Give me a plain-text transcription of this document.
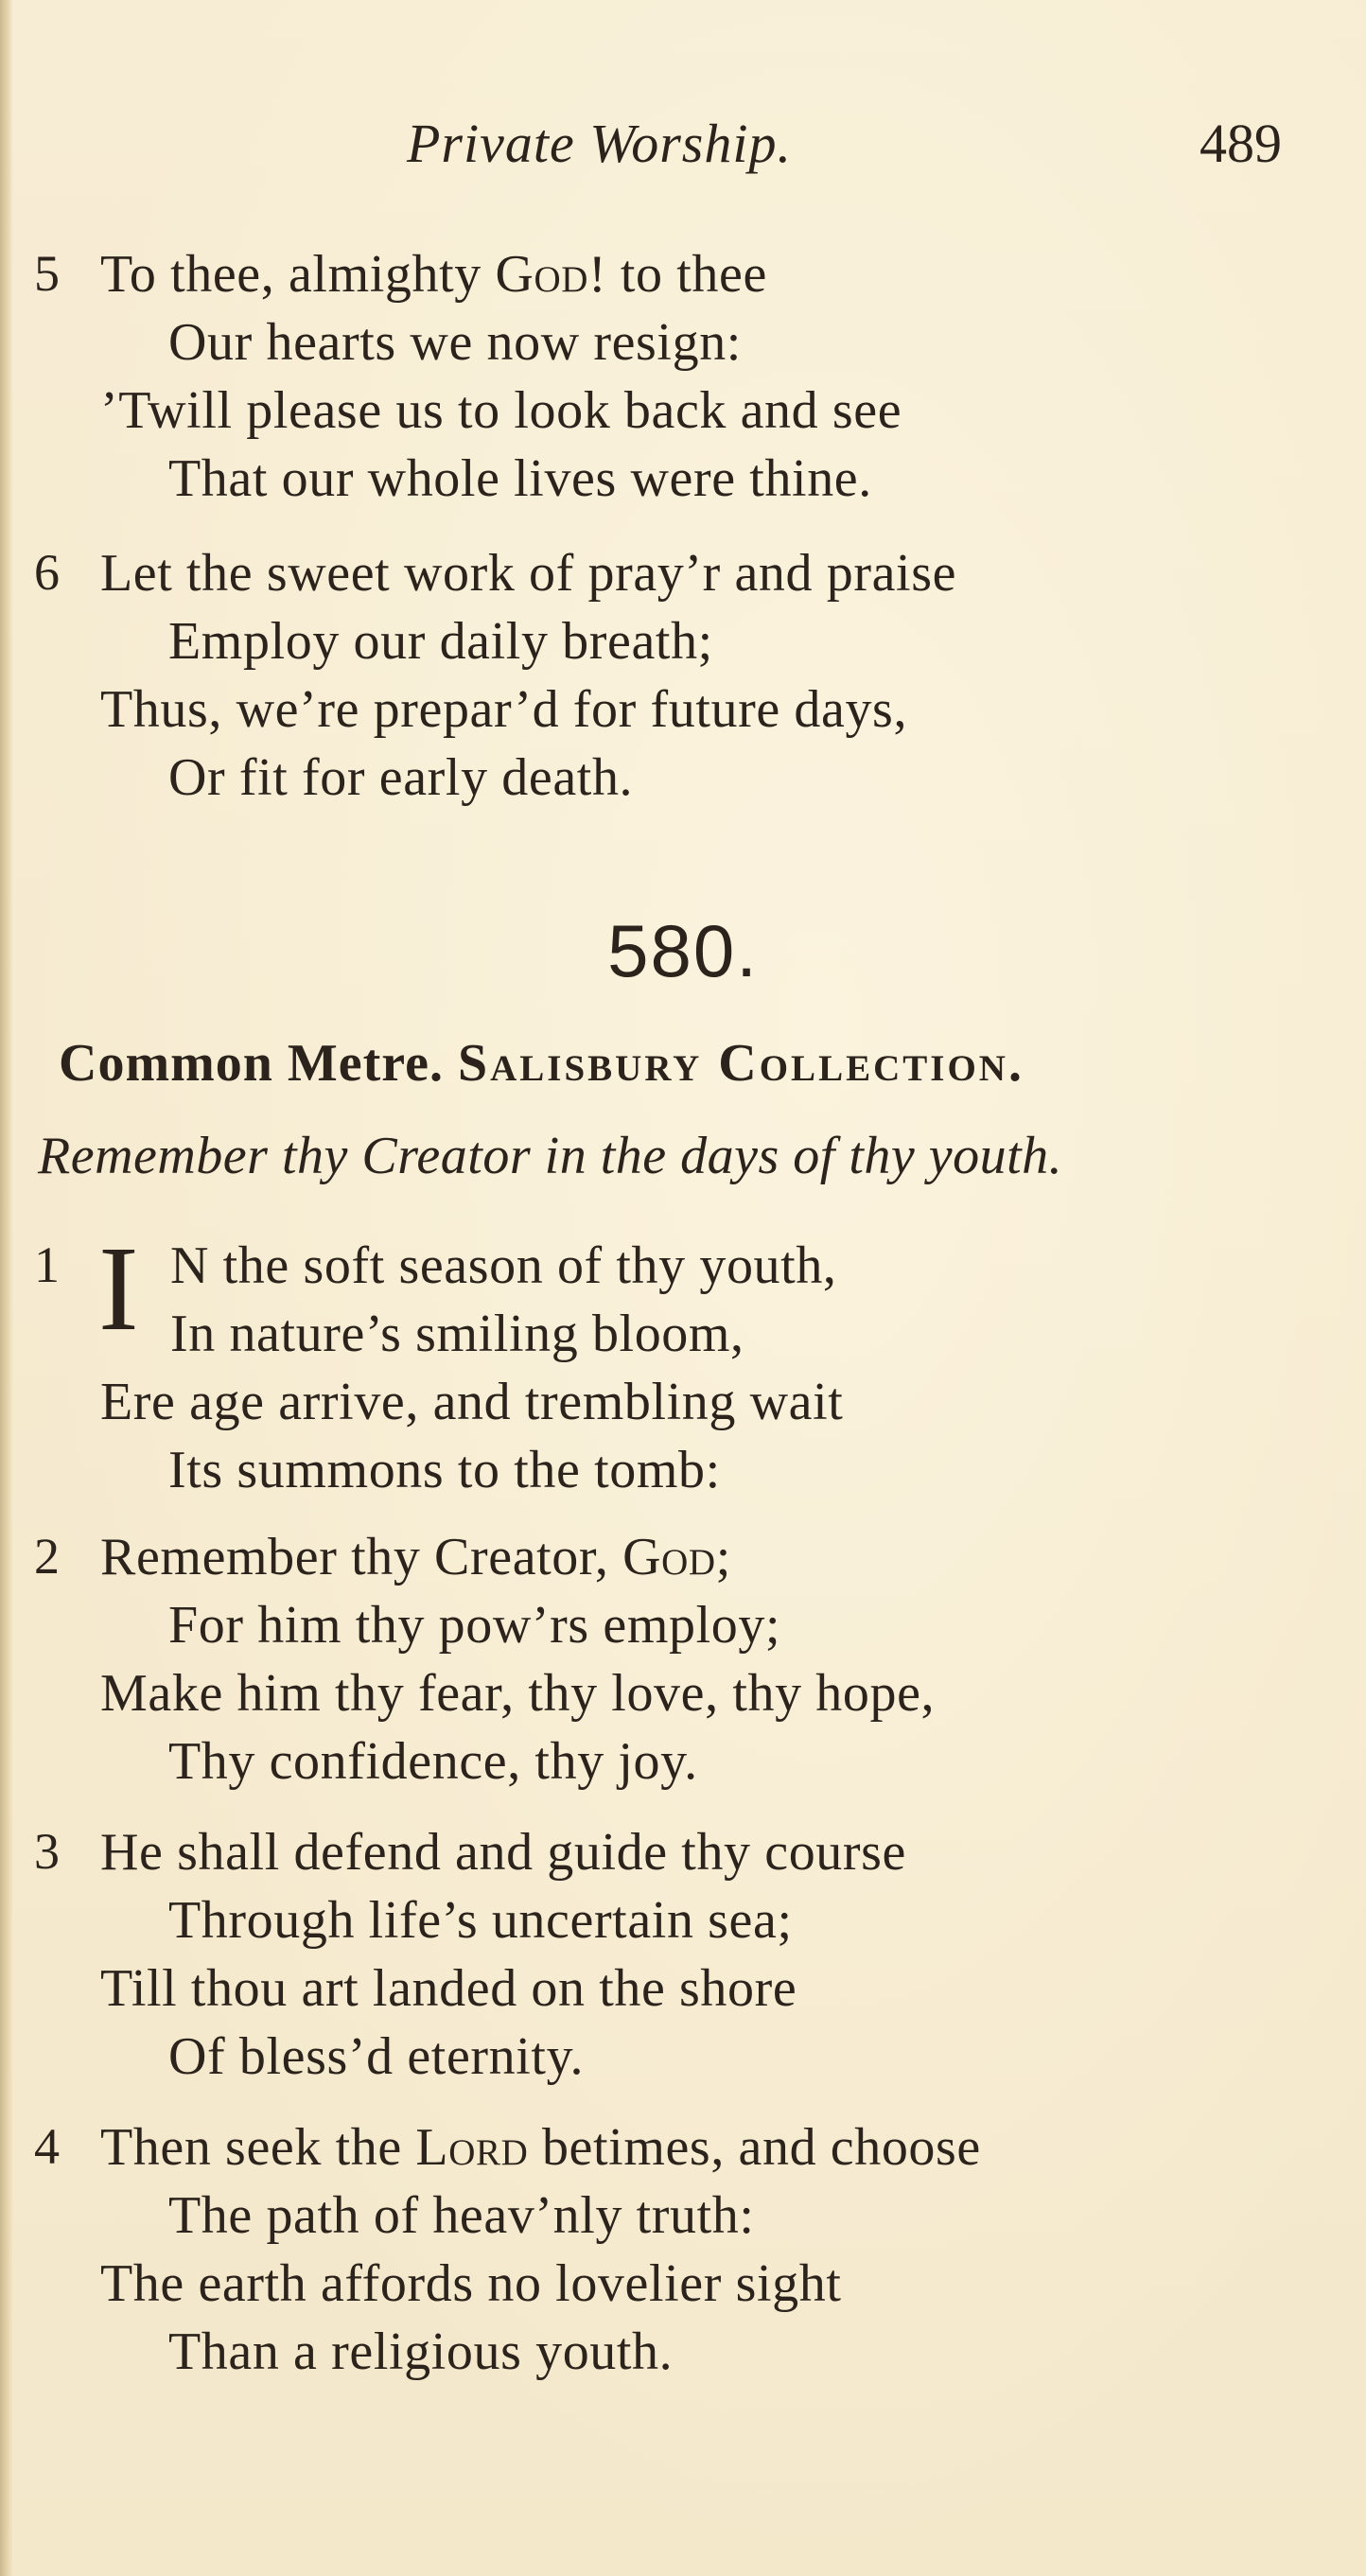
Private Worship.	489
5 To thee, almighty God! to thee
Our hearts we now resign:
’Twill please us to look back and see
That our whole lives were thine.
6 Let the sweet work of pray’r and praise
Employ our daily breath;
Thus, we’re prepar’d for future days,
Or fit for early death.
580.
Common Metre. Salisbury Collection.
Remember thy Creator in the days of thy youth.
1 I N the soft season of thy youth,
In nature’s smiling bloom,
Ere age arrive, and trembling wait
Its summons to the tomb:
2 Remember thy Creator, God;
For him thy pow’rs employ;
Make him thy fear, thy love, thy hope,
Thy confidence, thy joy.
3 He shall defend and guide thy course
Through life’s uncertain sea;
Till thou art landed on the shore
Of bless’d eternity.
4 Then seek the Lord betimes, and choose
The path of heav’nly truth:
The earth affords no lovelier sight
Than a religious youth.
